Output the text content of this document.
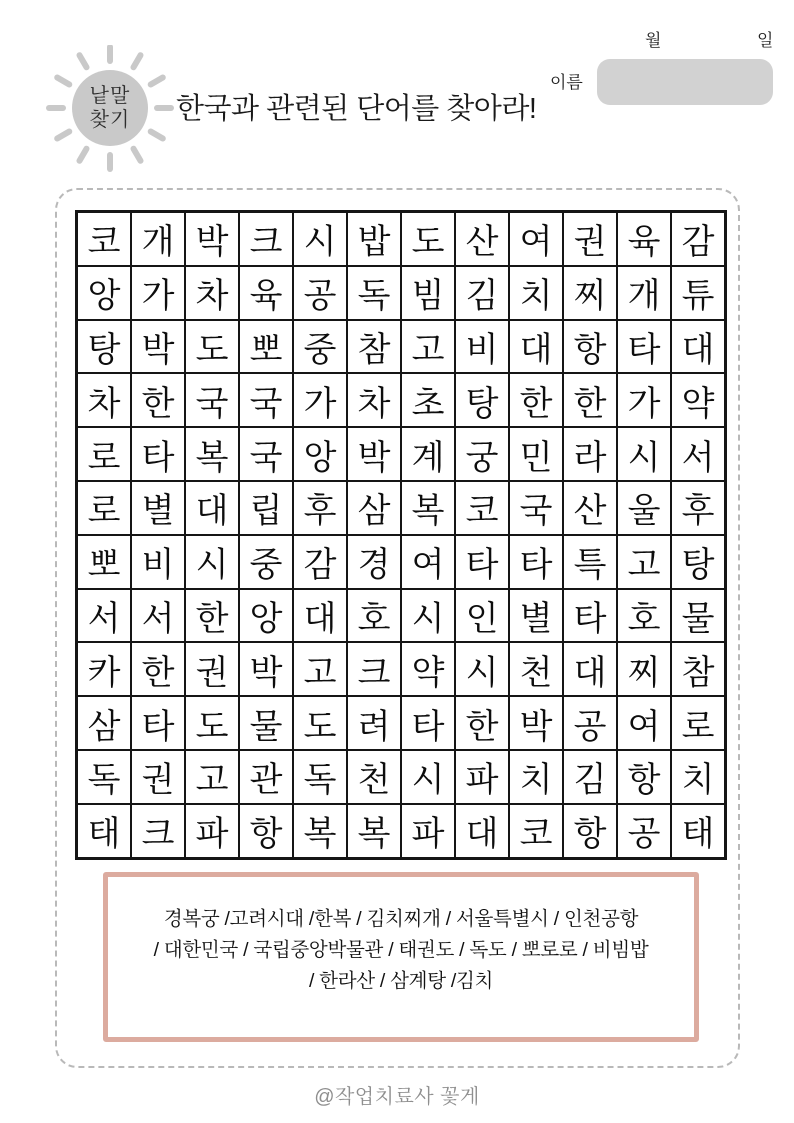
낱말
찾기	한국과 관련된 단어를 찾아라!
월	일
이름
코 개 박 크 시 밥 도 산 여 권 육 감
앙 가 차 육 공 독 빔 김 치 찌 개 튜
탕 박 도 뽀 중 참 고 비 대 항 타 대
차 한 국 국 가 차 초 탕 한 한 가 약
로 타 복 국 앙 박 계 궁 민 라 시 서
로 별 대 립 후 삼 복 코 국 산 울 후
뽀 비 시 중 감 경 여 타 타 특 고 탕
서 서 한 앙 대 호 시 인 별 타 호 물
카 한 권 박 고 크 약 시 천 대 찌 참
삼 타 도 물 도 려 타 한 박 공 여 로
독 권 고 관 독 천 시 파 치 김 항 치
태 크 파 항 복 복 파 대 코 항 공 태
경복궁 /고려시대 /한복 / 김치찌개 / 서울특별시 / 인천공항
/ 대한민국 / 국립중앙박물관 / 태권도 / 독도 / 뽀로로 / 비빔밥
/ 한라산 / 삼계탕 /김치
@작업치료사 꽃게
